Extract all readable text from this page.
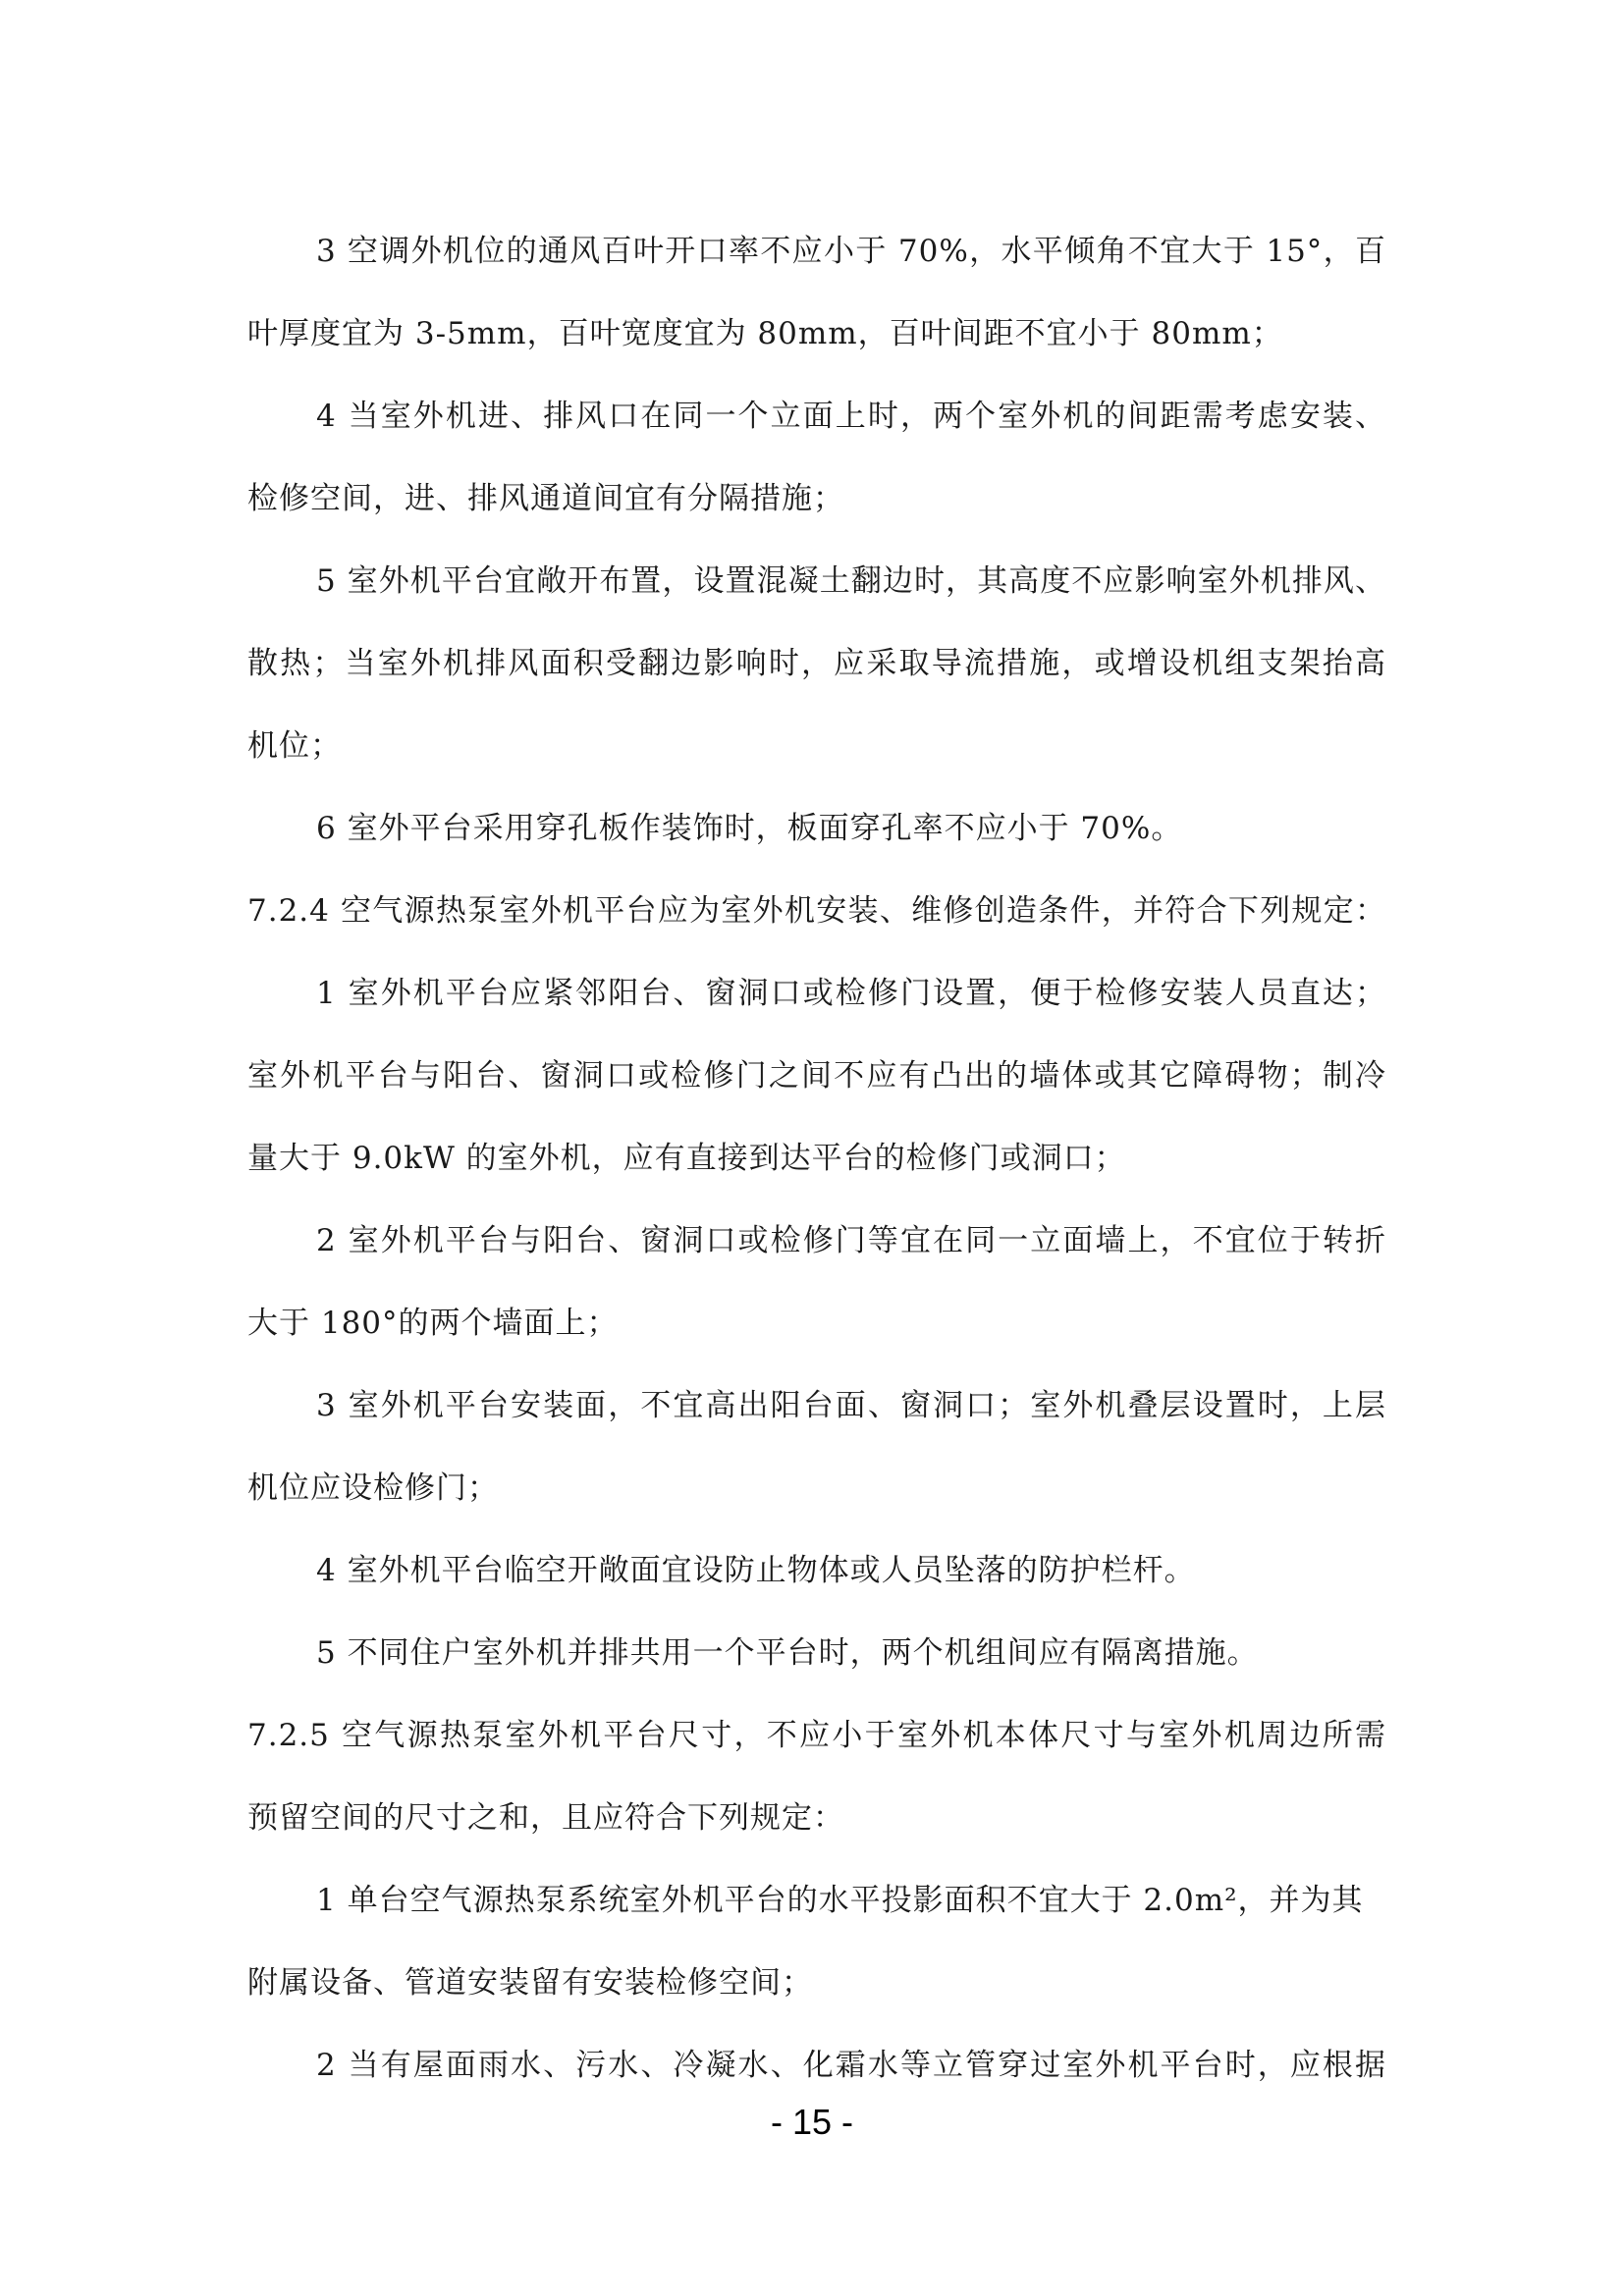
3 空调外机位的通风百叶开口率不应小于 70%，水平倾角不宜大于 15°，百
叶厚度宜为 3-5mm，百叶宽度宜为 80mm，百叶间距不宜小于 80mm；
4 当室外机进、排风口在同一个立面上时，两个室外机的间距需考虑安装、
检修空间，进、排风通道间宜有分隔措施；
5 室外机平台宜敞开布置，设置混凝土翻边时，其高度不应影响室外机排风、
散热；当室外机排风面积受翻边影响时，应采取导流措施，或增设机组支架抬高
机位；
6 室外平台采用穿孔板作装饰时，板面穿孔率不应小于 70%。
7.2.4 空气源热泵室外机平台应为室外机安装、维修创造条件，并符合下列规定：
1 室外机平台应紧邻阳台、窗洞口或检修门设置，便于检修安装人员直达；
室外机平台与阳台、窗洞口或检修门之间不应有凸出的墙体或其它障碍物；制冷
量大于 9.0kW 的室外机，应有直接到达平台的检修门或洞口；
2 室外机平台与阳台、窗洞口或检修门等宜在同一立面墙上，不宜位于转折
大于 180°的两个墙面上；
3 室外机平台安装面，不宜高出阳台面、窗洞口；室外机叠层设置时，上层
机位应设检修门；
4 室外机平台临空开敞面宜设防止物体或人员坠落的防护栏杆。
5 不同住户室外机并排共用一个平台时，两个机组间应有隔离措施。
7.2.5 空气源热泵室外机平台尺寸，不应小于室外机本体尺寸与室外机周边所需
预留空间的尺寸之和，且应符合下列规定：
1 单台空气源热泵系统室外机平台的水平投影面积不宜大于 2.0m²，并为其
附属设备、管道安装留有安装检修空间；
2 当有屋面雨水、污水、冷凝水、化霜水等立管穿过室外机平台时，应根据
- 15 -
